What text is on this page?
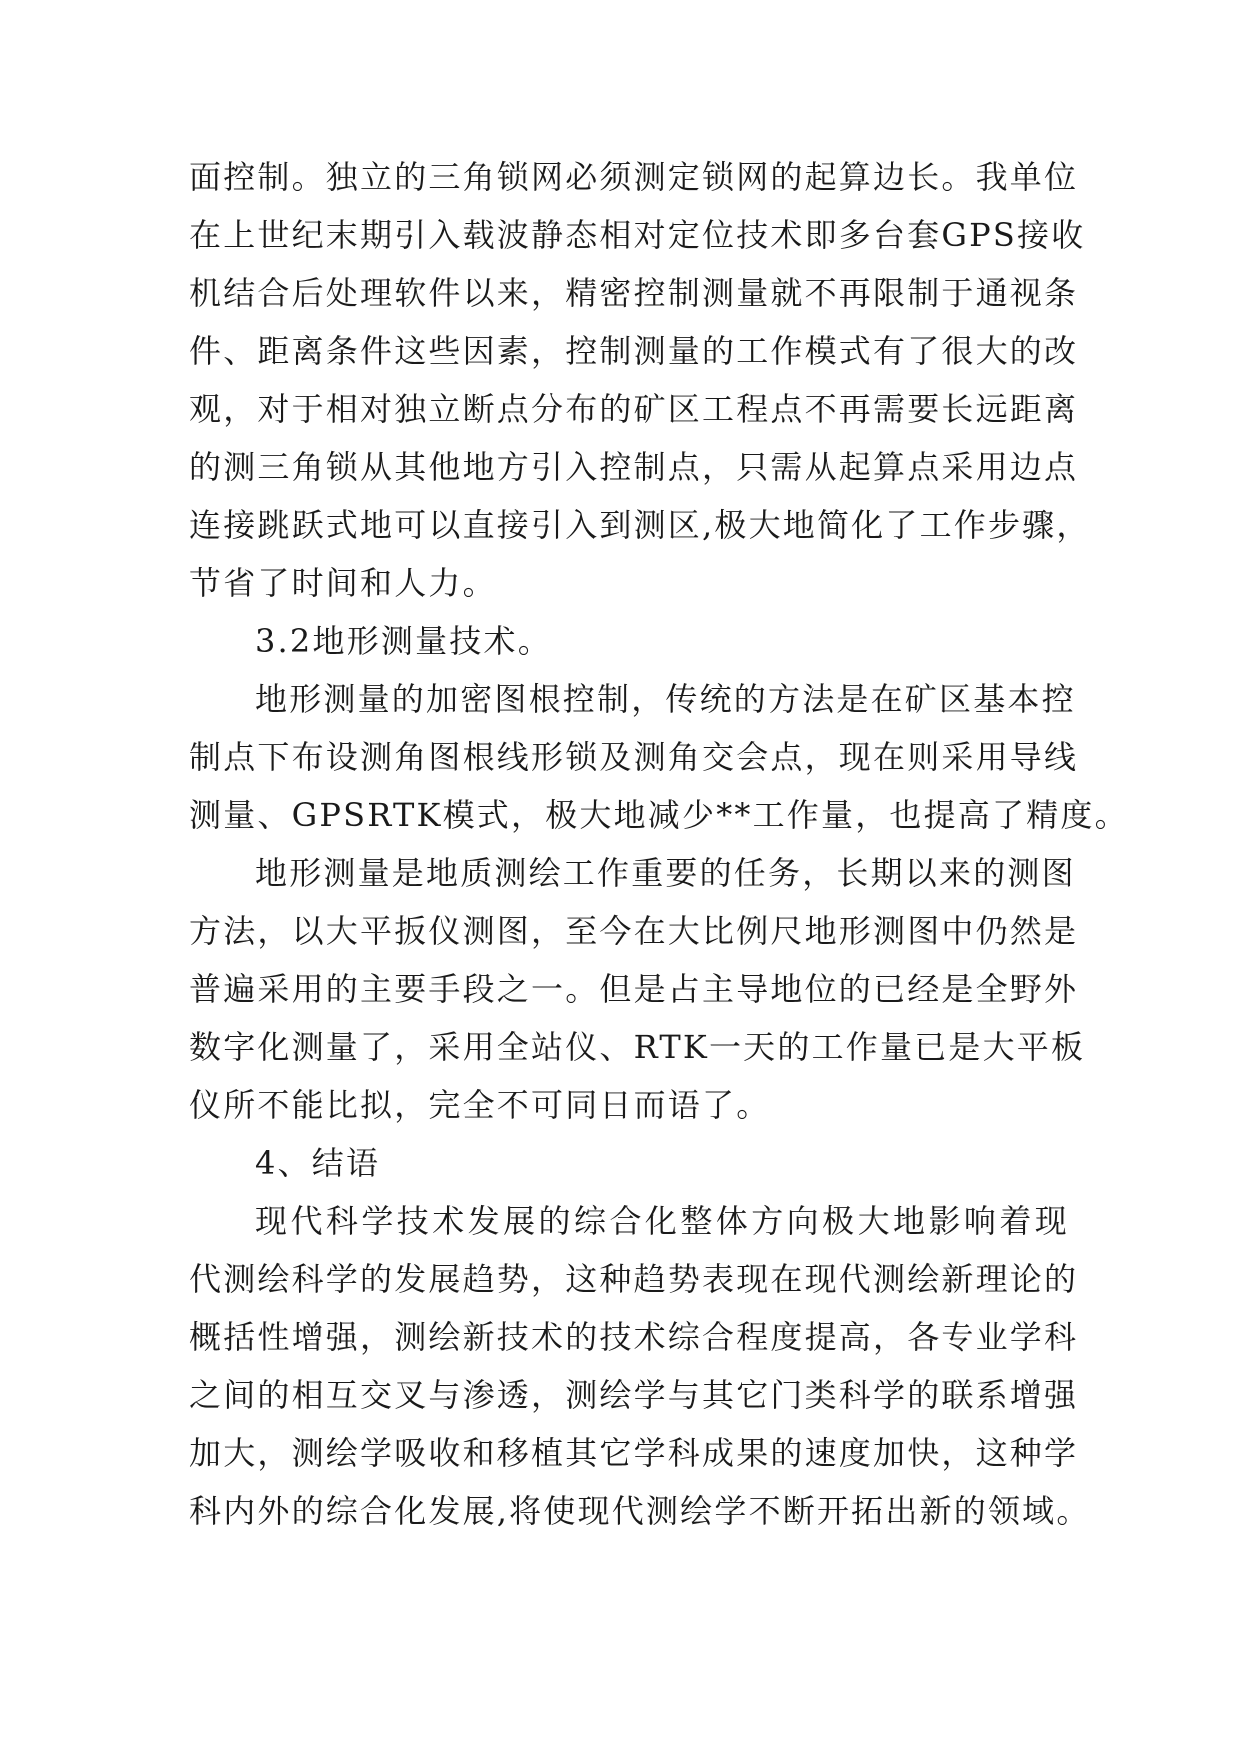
面控制。独立的三角锁网必须测定锁网的起算边长。我单位
在上世纪末期引入载波静态相对定位技术即多台套GPS接收
机结合后处理软件以来，精密控制测量就不再限制于通视条
件、距离条件这些因素，控制测量的工作模式有了很大的改
观，对于相对独立断点分布的矿区工程点不再需要长远距离
的测三角锁从其他地方引入控制点，只需从起算点采用边点
连接跳跃式地可以直接引入到测区,极大地简化了工作步骤，
节省了时间和人力。
3.2地形测量技术。
地形测量的加密图根控制，传统的方法是在矿区基本控
制点下布设测角图根线形锁及测角交会点，现在则采用导线
测量、GPSRTK模式，极大地减少**工作量，也提高了精度。
地形测量是地质测绘工作重要的任务，长期以来的测图
方法，以大平扳仪测图，至今在大比例尺地形测图中仍然是
普遍采用的主要手段之一。但是占主导地位的已经是全野外
数字化测量了，采用全站仪、RTK一天的工作量已是大平板
仪所不能比拟，完全不可同日而语了。
4、结语
现代科学技术发展的综合化整体方向极大地影响着现
代测绘科学的发展趋势，这种趋势表现在现代测绘新理论的
概括性增强，测绘新技术的技术综合程度提高，各专业学科
之间的相互交叉与渗透，测绘学与其它门类科学的联系增强
加大，测绘学吸收和移植其它学科成果的速度加快，这种学
科内外的综合化发展,将使现代测绘学不断开拓出新的领域。
